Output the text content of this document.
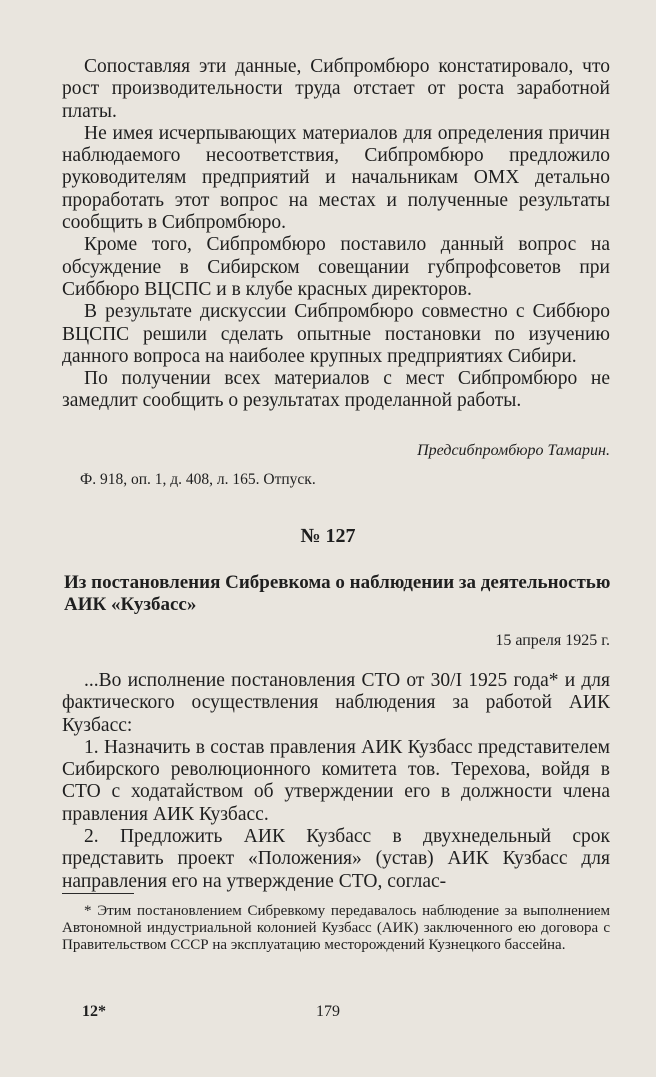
Сопоставляя эти данные, Сибпромбюро констатировало, что рост производительности труда отстает от роста заработной платы.

Не имея исчерпывающих материалов для определения причин наблюдаемого несоответствия, Сибпромбюро предложило руководителям предприятий и начальникам ОМХ детально проработать этот вопрос на местах и полученные результаты сообщить в Сибпромбюро.

Кроме того, Сибпромбюро поставило данный вопрос на обсуждение в Сибирском совещании губпрофсоветов при Сиббюро ВЦСПС и в клубе красных директоров.

В результате дискуссии Сибпромбюро совместно с Сиббюро ВЦСПС решили сделать опытные постановки по изучению данного вопроса на наиболее крупных предприятиях Сибири.

По получении всех материалов с мест Сибпромбюро не замедлит сообщить о результатах проделанной работы.

Предсибпромбюро Тамарин.
Ф. 918, оп. 1, д. 408, л. 165. Отпуск.
№ 127

Из постановления Сибревкома о наблюдении за деятельностью АИК «Кузбасс»

15 апреля 1925 г.

...Во исполнение постановления СТО от 30/I 1925 года* и для фактического осуществления наблюдения за работой АИК Кузбасс:

1. Назначить в состав правления АИК Кузбасс представителем Сибирского революционного комитета тов. Терехова, войдя в СТО с ходатайством об утверждении его в должности члена правления АИК Кузбасс.

2. Предложить АИК Кузбасс в двухнедельный срок представить проект «Положения» (устав) АИК Кузбасс для направления его на утверждение СТО, соглас-

* Этим постановлением Сибревкому передавалось наблюдение за выполнением Автономной индустриальной колонией Кузбасс (АИК) заключенного ею договора с Правительством СССР на эксплуатацию месторождений Кузнецкого бассейна.

12*	179
